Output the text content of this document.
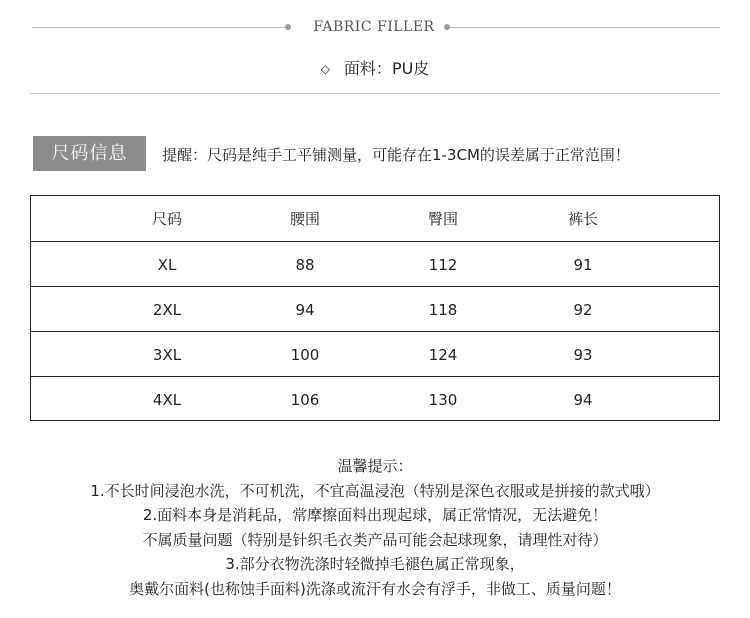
FABRIC FILLER
◇ 面料：PU皮
尺码信息	提醒：尺码是纯手工平铺测量，可能存在1-3CM的误差属于正常范围！
尺码	腰围	臀围	裤长
XL	88	112	91
2XL	94	118	92
3XL	100	124	93
4XL	106	130	94
温馨提示：
1.不长时间浸泡水洗，不可机洗，不宜高温浸泡（特别是深色衣服或是拼接的款式哦）
2.面料本身是消耗品，常摩擦面料出现起球，属正常情况，无法避免！
不属质量问题（特别是针织毛衣类产品可能会起球现象，请理性对待）
3.部分衣物洗涤时轻微掉毛褪色属正常现象，
奥戴尔面料(也称蚀手面料)洗涤或流汗有水会有浮手，非做工、质量问题！
